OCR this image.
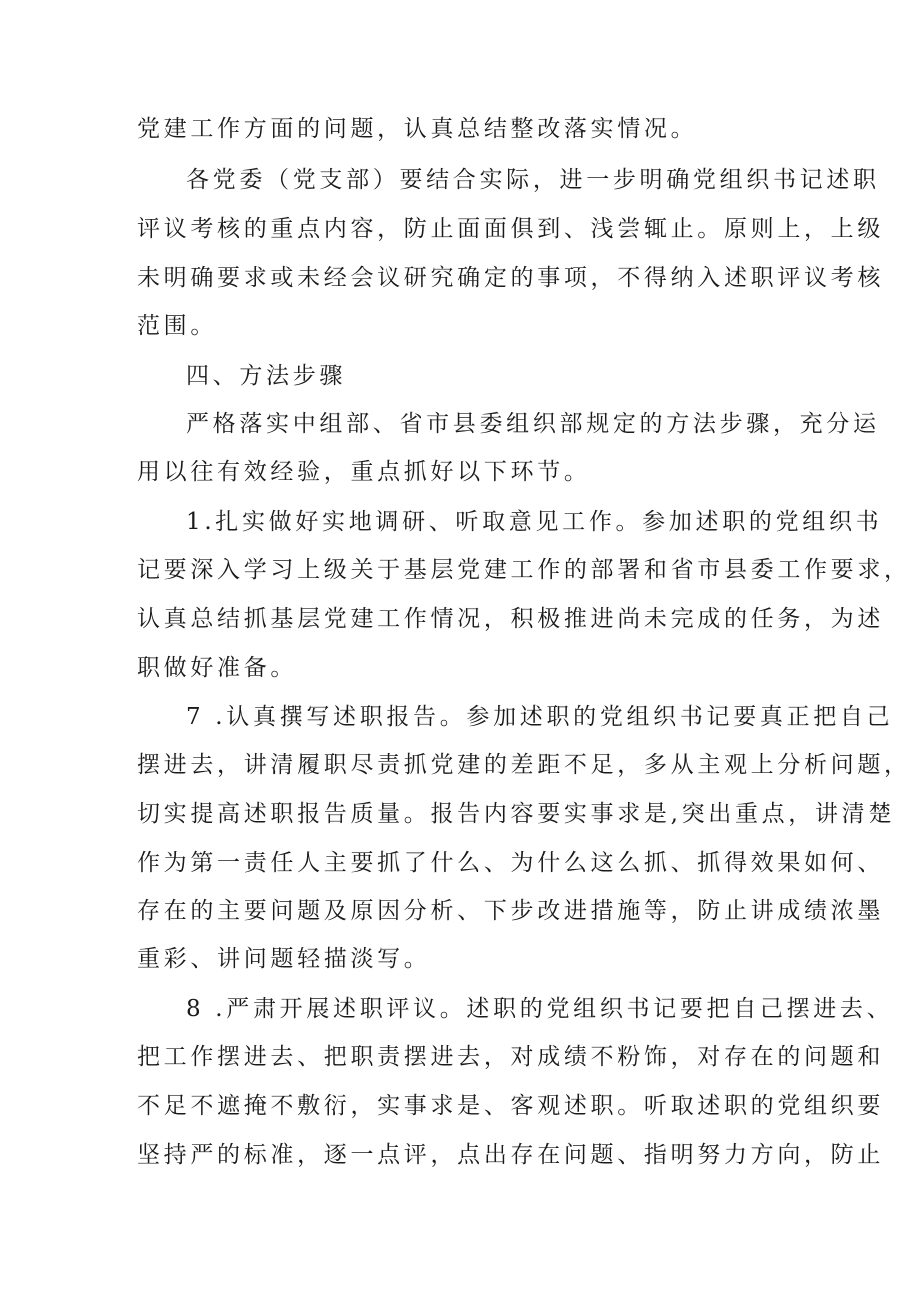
党建工作方面的问题，认真总结整改落实情况。
各党委（党支部）要结合实际，进一步明确党组织书记述职
评议考核的重点内容，防止面面俱到、浅尝辄止。原则上，上级
未明确要求或未经会议研究确定的事项，不得纳入述职评议考核
范围。
四、方法步骤
严格落实中组部、省市县委组织部规定的方法步骤，充分运
用以往有效经验，重点抓好以下环节。
1.扎实做好实地调研、听取意见工作。参加述职的党组织书
记要深入学习上级关于基层党建工作的部署和省市县委工作要求，
认真总结抓基层党建工作情况，积极推进尚未完成的任务，为述
职做好准备。
7 .认真撰写述职报告。参加述职的党组织书记要真正把自己
摆进去，讲清履职尽责抓党建的差距不足，多从主观上分析问题，
切实提高述职报告质量。报告内容要实事求是,突出重点，讲清楚
作为第一责任人主要抓了什么、为什么这么抓、抓得效果如何、
存在的主要问题及原因分析、下步改进措施等，防止讲成绩浓墨
重彩、讲问题轻描淡写。
8 .严肃开展述职评议。述职的党组织书记要把自己摆进去、
把工作摆进去、把职责摆进去，对成绩不粉饰，对存在的问题和
不足不遮掩不敷衍，实事求是、客观述职。听取述职的党组织要
坚持严的标准，逐一点评，点出存在问题、指明努力方向，防止
